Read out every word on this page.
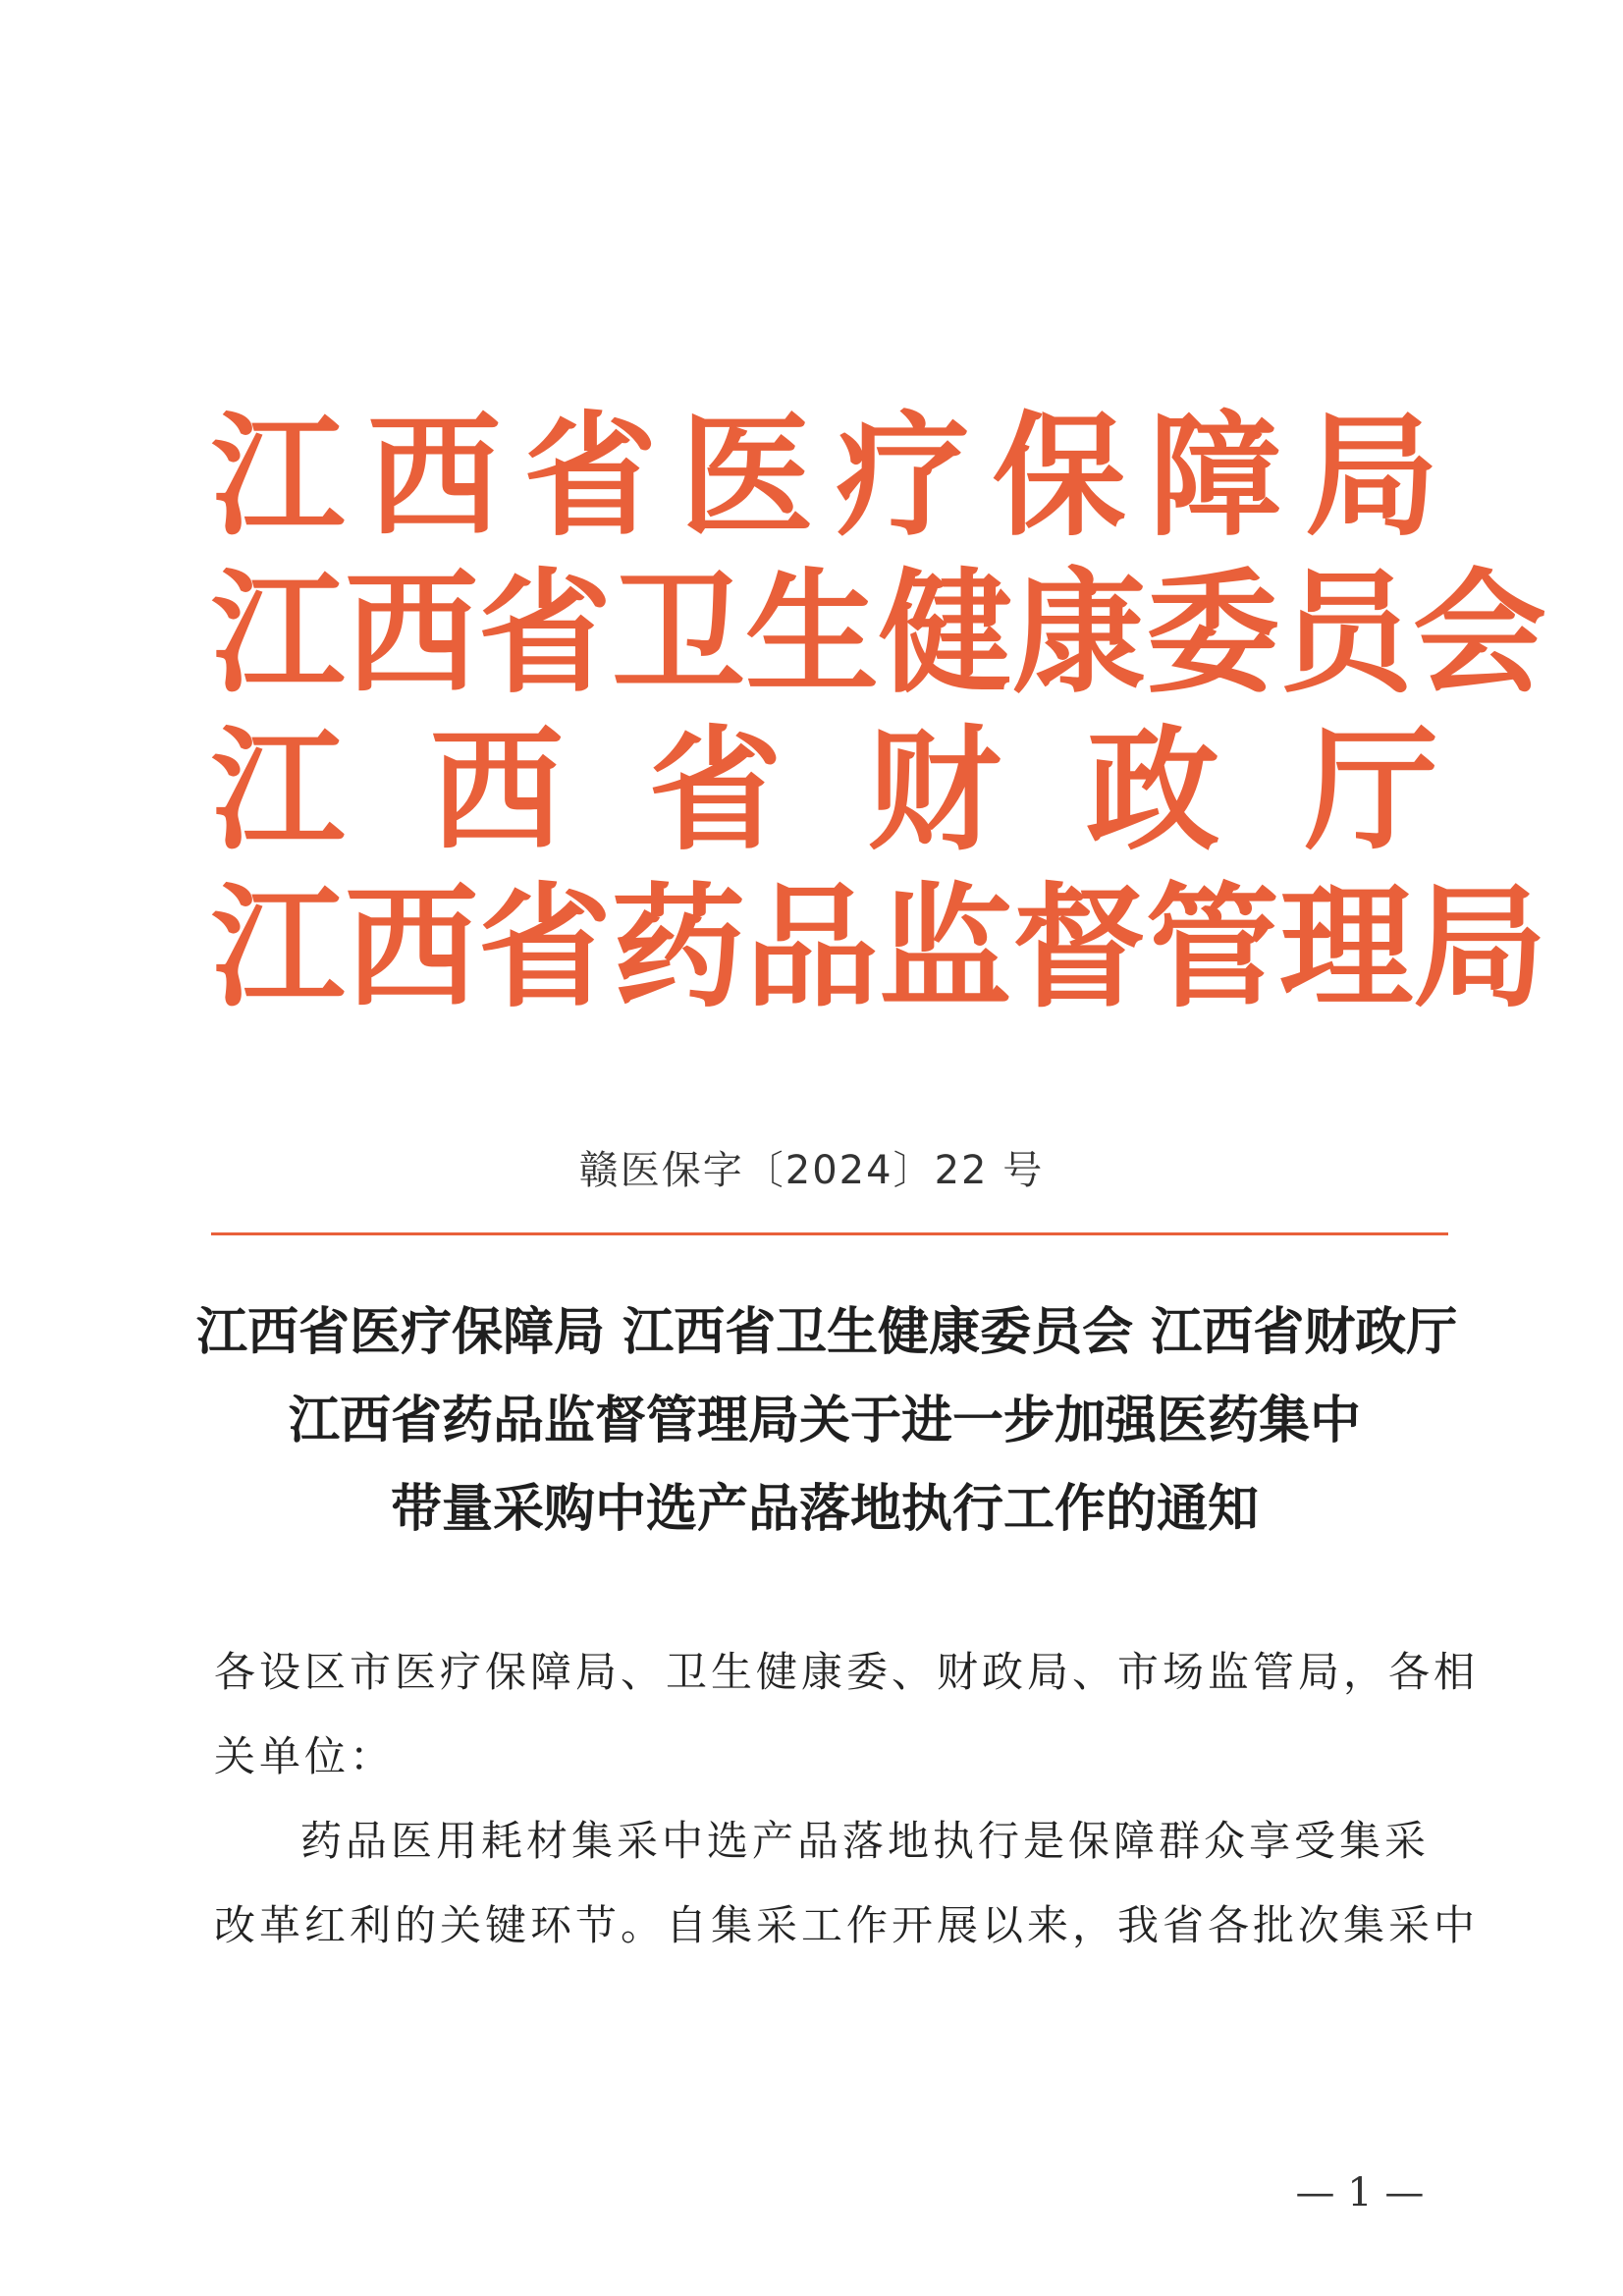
江 西 省 医 疗 保 障 局
江 西 省 卫 生 健 康 委 员 会
江 西 省 财 政 厅
江 西 省 药 品 监 督 管 理 局
赣医保字〔2024〕22 号
江西省医疗保障局 江西省卫生健康委员会 江西省财政厅
江西省药品监督管理局关于进一步加强医药集中
带量采购中选产品落地执行工作的通知
各设区市医疗保障局、卫生健康委、财政局、市场监管局，各相
关单位：
药品医用耗材集采中选产品落地执行是保障群众享受集采
改革红利的关键环节。自集采工作开展以来，我省各批次集采中
— 1 —
